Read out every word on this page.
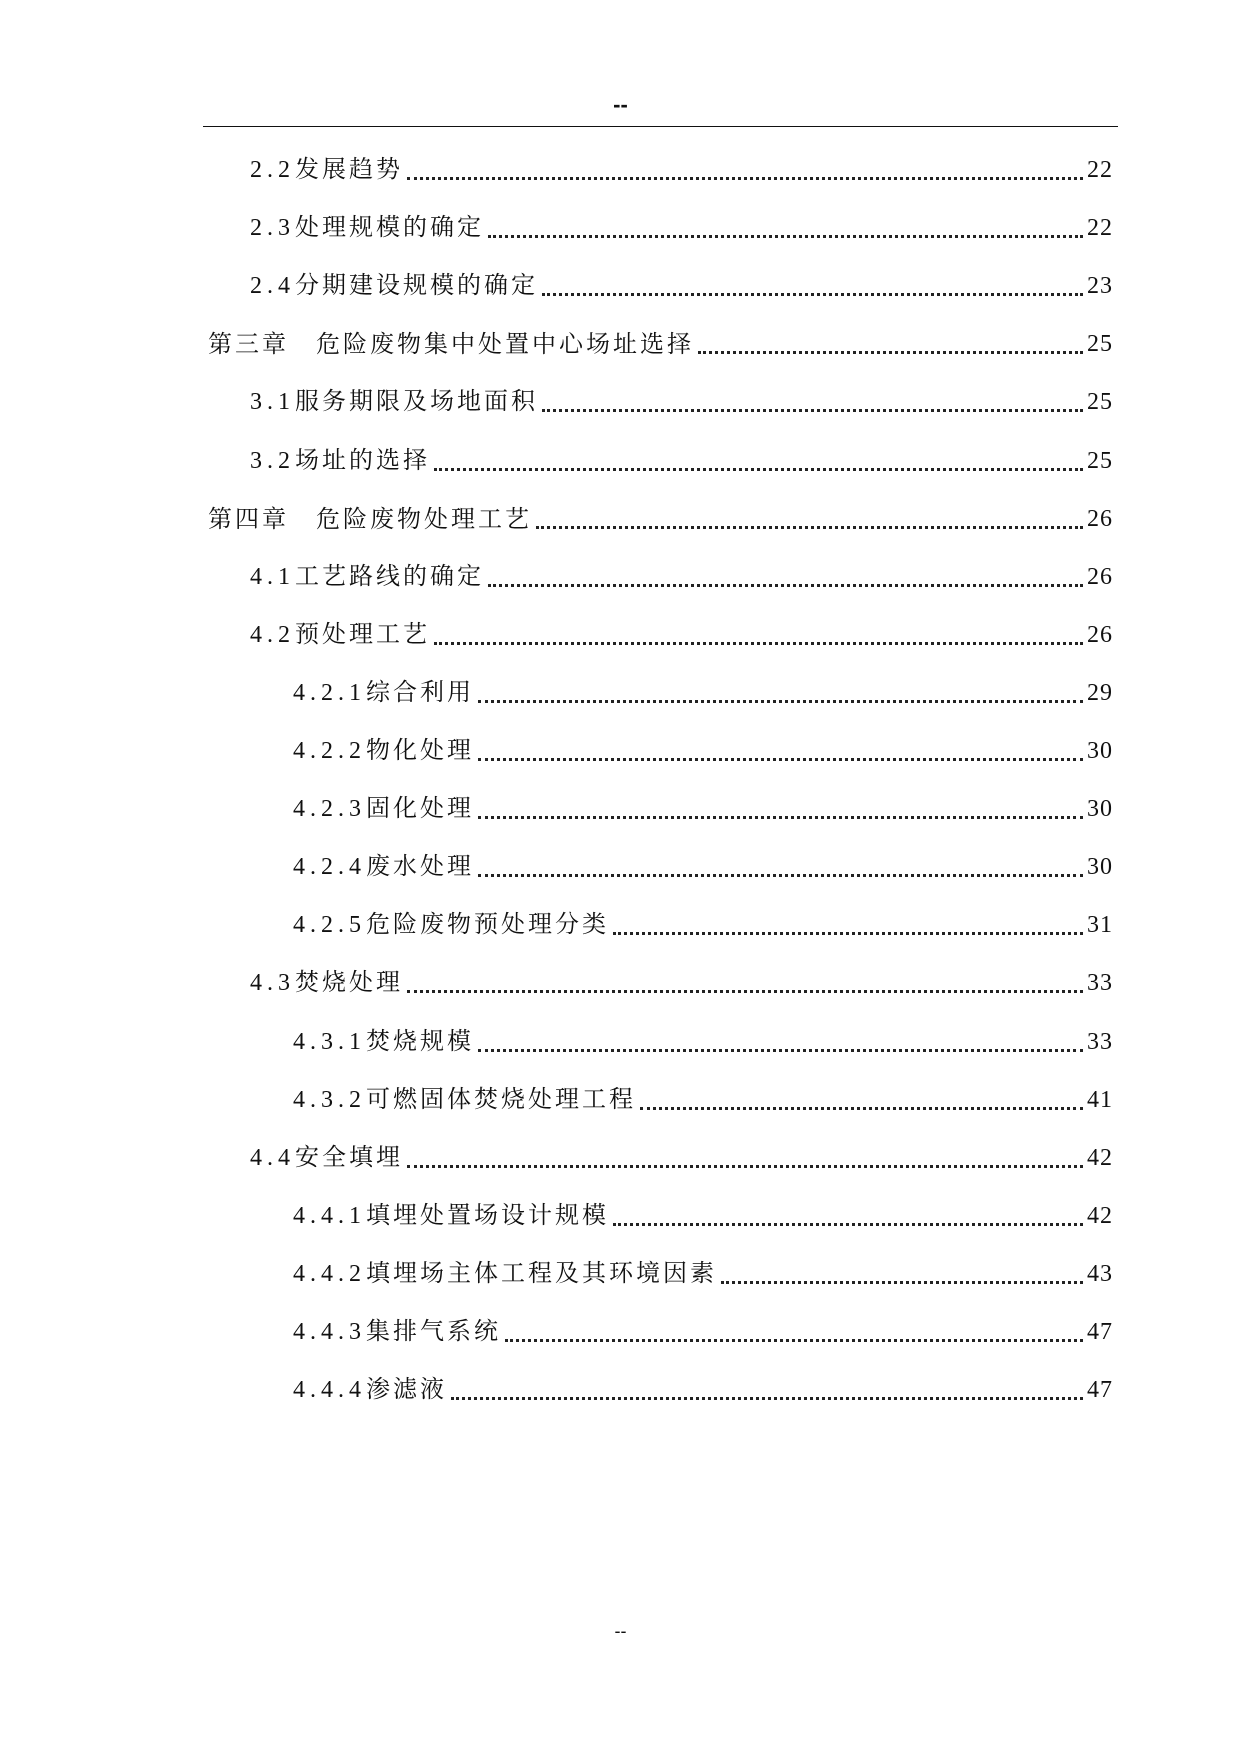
--
2.2发展趋势	22
2.3处理规模的确定	22
2.4分期建设规模的确定	23
第三章　 危险废物集中处置中心场址选择	25
3.1服务期限及场地面积	25
3.2场址的选择	25
第四章　 危险废物处理工艺	26
4.1工艺路线的确定	26
4.2预处理工艺	26
4.2.1综合利用	29
4.2.2物化处理	30
4.2.3固化处理	30
4.2.4废水处理	30
4.2.5危险废物预处理分类	31
4.3焚烧处理	33
4.3.1焚烧规模	33
4.3.2可燃固体焚烧处理工程	41
4.4安全填埋	42
4.4.1填埋处置场设计规模	42
4.4.2填埋场主体工程及其环境因素	43
4.4.3集排气系统	47
4.4.4渗滤液	47
--
